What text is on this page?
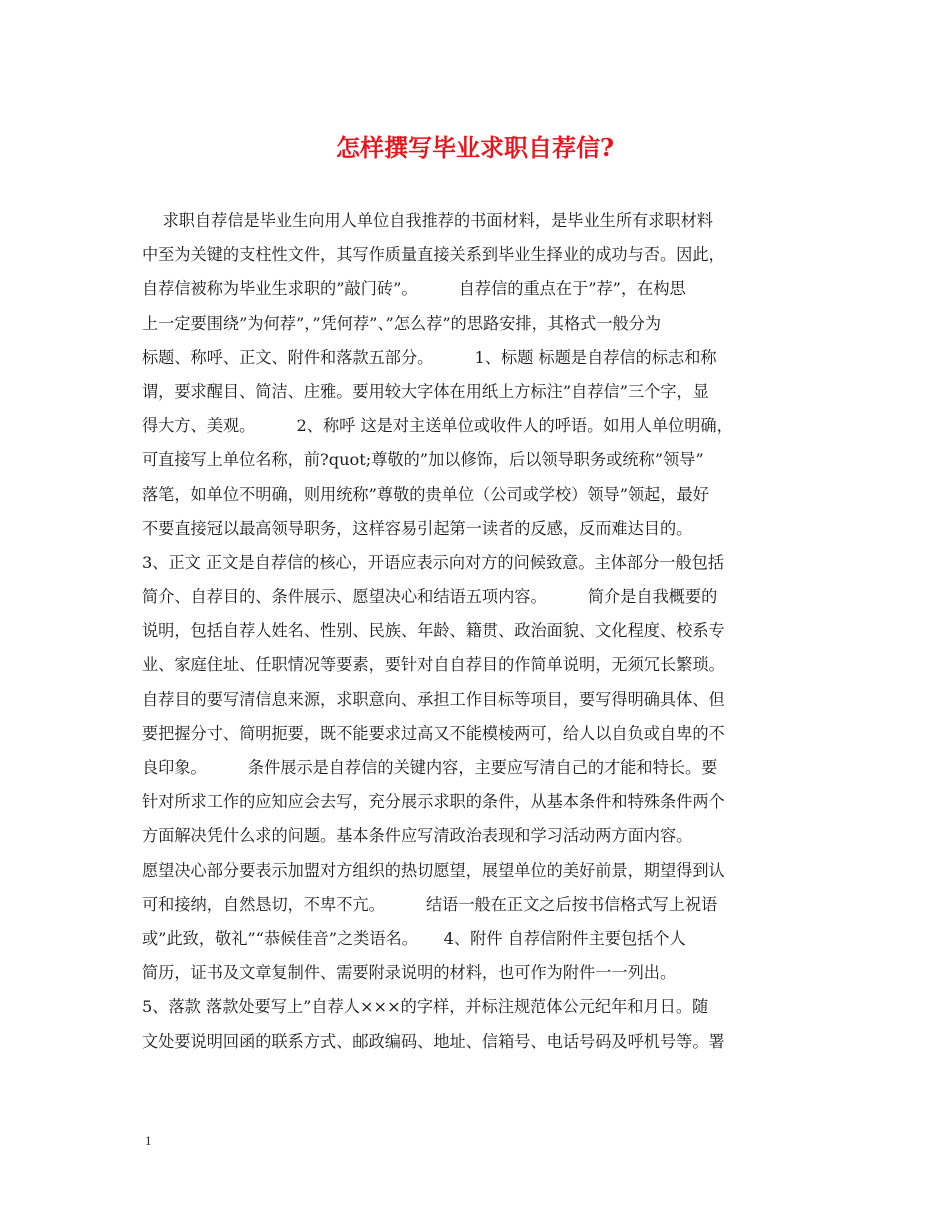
怎样撰写毕业求职自荐信?
求职自荐信是毕业生向用人单位自我推荐的书面材料，是毕业生所有求职材料
中至为关键的支柱性文件，其写作质量直接关系到毕业生择业的成功与否。因此，
自荐信被称为毕业生求职的”敲门砖”。        自荐信的重点在于”荐”，在构思
上一定要围绕”为何荐”，”凭何荐”、”怎么荐”的思路安排，其格式一般分为
标题、称呼、正文、附件和落款五部分。        1、标题 标题是自荐信的标志和称
谓，要求醒目、简洁、庄雅。要用较大字体在用纸上方标注”自荐信”三个字，显
得大方、美观。        2、称呼 这是对主送单位或收件人的呼语。如用人单位明确，
可直接写上单位名称，前?quot;尊敬的”加以修饰，后以领导职务或统称”领导”
落笔，如单位不明确，则用统称”尊敬的贵单位（公司或学校）领导”领起，最好
不要直接冠以最高领导职务，这样容易引起第一读者的反感，反而难达目的。
3、正文 正文是自荐信的核心，开语应表示向对方的问候致意。主体部分一般包括
简介、自荐目的、条件展示、愿望决心和结语五项内容。        简介是自我概要的
说明，包括自荐人姓名、性别、民族、年龄、籍贯、政治面貌、文化程度、校系专
业、家庭住址、任职情况等要素，要针对自自荐目的作简单说明，无须冗长繁琐。
自荐目的要写清信息来源，求职意向、承担工作目标等项目，要写得明确具体、但
要把握分寸、简明扼要，既不能要求过高又不能模棱两可，给人以自负或自卑的不
良印象。        条件展示是自荐信的关键内容，主要应写清自己的才能和特长。要
针对所求工作的应知应会去写，充分展示求职的条件，从基本条件和特殊条件两个
方面解决凭什么求的问题。基本条件应写清政治表现和学习活动两方面内容。
愿望决心部分要表示加盟对方组织的热切愿望，展望单位的美好前景，期望得到认
可和接纳，自然恳切，不卑不亢。        结语一般在正文之后按书信格式写上祝语
或”此致，敬礼”“恭候佳音”之类语名。     4、附件 自荐信附件主要包括个人
简历，证书及文章复制件、需要附录说明的材料，也可作为附件一一列出。
5、落款 落款处要写上”自荐人×××的字样，并标注规范体公元纪年和月日。随
文处要说明回函的联系方式、邮政编码、地址、信箱号、电话号码及呼机号等。署
1
